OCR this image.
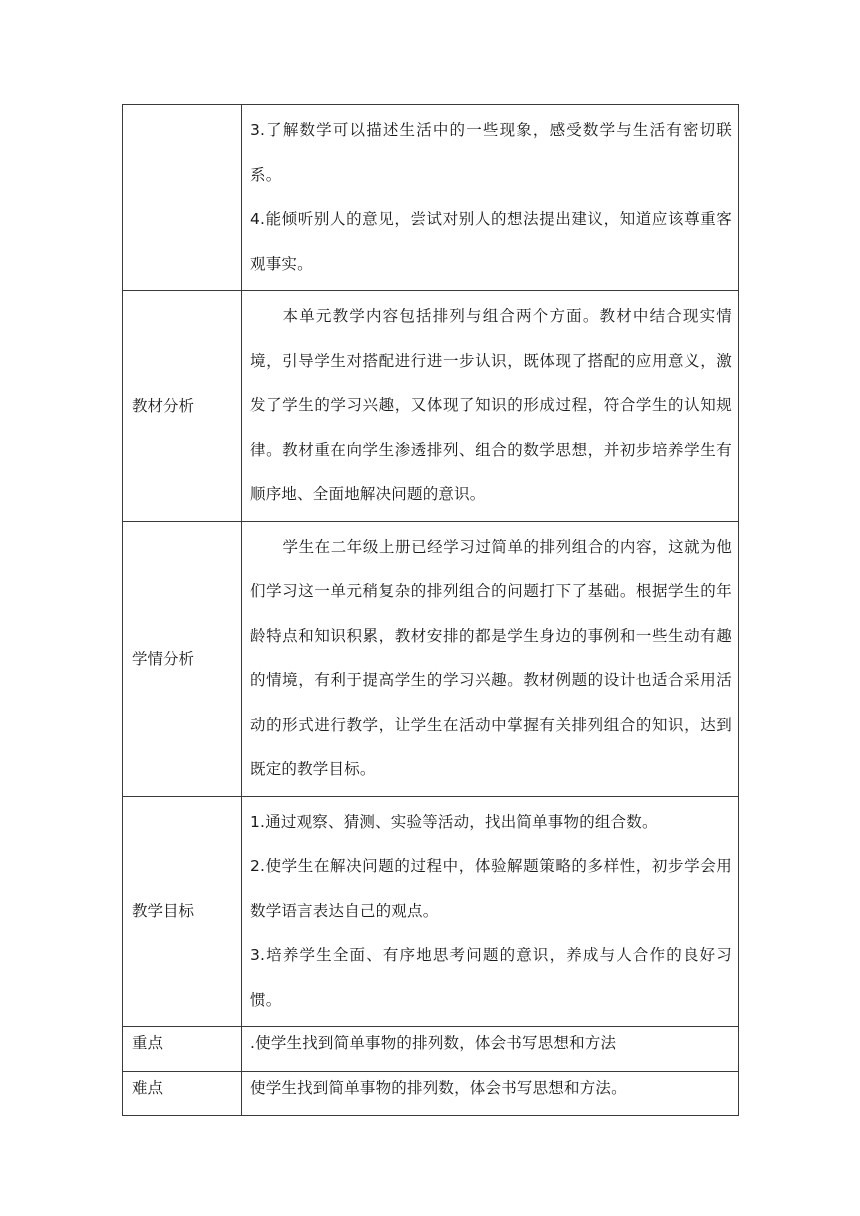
	3.了解数学可以描述生活中的一些现象，感受数学与生活有密切联系。

4.能倾听别人的意见，尝试对别人的想法提出建议，知道应该尊重客观事实。

教材分析	本单元教学内容包括排列与组合两个方面。教材中结合现实情境，引导学生对搭配进行进一步认识，既体现了搭配的应用意义，激发了学生的学习兴趣，又体现了知识的形成过程，符合学生的认知规律。教材重在向学生渗透排列、组合的数学思想，并初步培养学生有顺序地、全面地解决问题的意识。

学情分析	学生在二年级上册已经学习过简单的排列组合的内容，这就为他们学习这一单元稍复杂的排列组合的问题打下了基础。根据学生的年龄特点和知识积累，教材安排的都是学生身边的事例和一些生动有趣的情境，有利于提高学生的学习兴趣。教材例题的设计也适合采用活动的形式进行教学，让学生在活动中掌握有关排列组合的知识，达到既定的教学目标。

教学目标	1.通过观察、猜测、实验等活动，找出简单事物的组合数。

2.使学生在解决问题的过程中，体验解题策略的多样性，初步学会用数学语言表达自己的观点。

3.培养学生全面、有序地思考问题的意识，养成与人合作的良好习惯。

重点	.使学生找到简单事物的排列数，体会书写思想和方法

难点	使学生找到简单事物的排列数，体会书写思想和方法。
